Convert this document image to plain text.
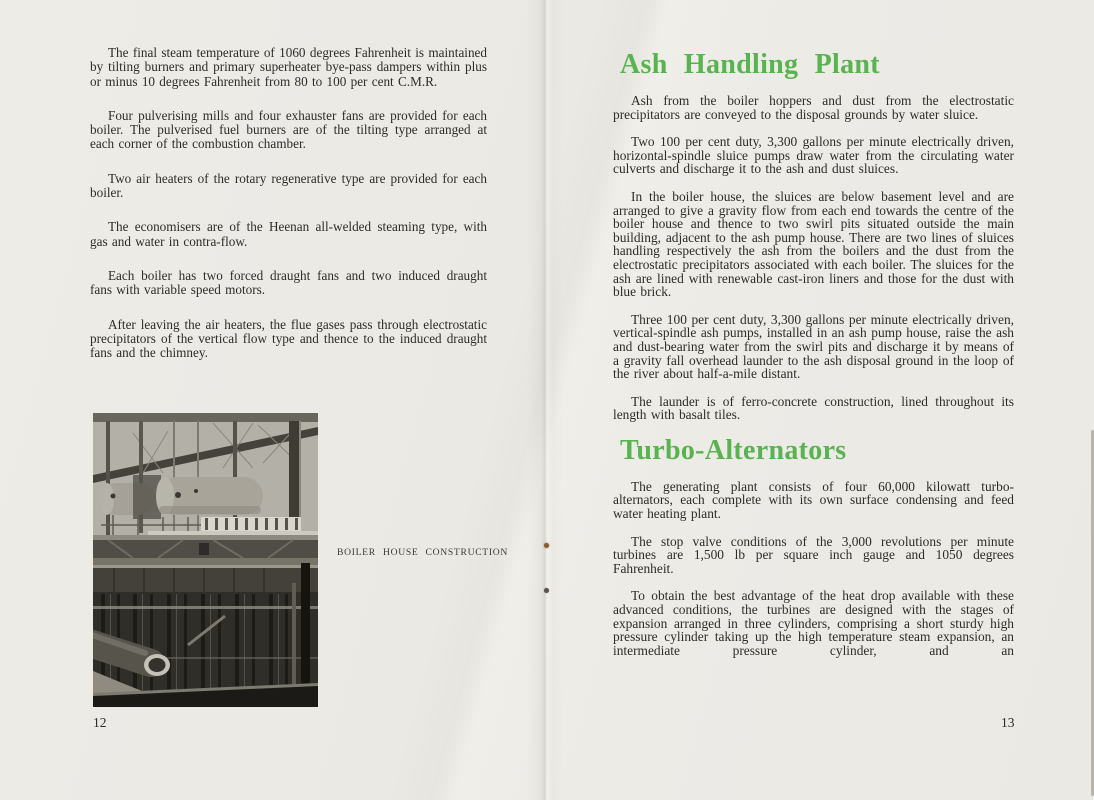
The final steam temperature of 1060 degrees Fahrenheit is maintained by tilting burners and primary superheater bye-pass dampers within plus or minus 10 degrees Fahrenheit from 80 to 100 per cent C.M.R.

Four pulverising mills and four exhauster fans are provided for each boiler. The pulverised fuel burners are of the tilting type arranged at each corner of the combustion chamber.

Two air heaters of the rotary regenerative type are provided for each boiler.

The economisers are of the Heenan all-welded steaming type, with gas and water in contra-flow.

Each boiler has two forced draught fans and two induced draught fans with variable speed motors.

After leaving the air heaters, the flue gases pass through electrostatic precipitators of the vertical flow type and thence to the induced draught fans and the chimney.

BOILER HOUSE CONSTRUCTION
12
Ash Handling Plant

Ash from the boiler hoppers and dust from the electrostatic precipitators are conveyed to the disposal grounds by water sluice.

Two 100 per cent duty, 3,300 gallons per minute electrically driven, horizontal-spindle sluice pumps draw water from the circulating water culverts and discharge it to the ash and dust sluices.

In the boiler house, the sluices are below basement level and are arranged to give a gravity flow from each end towards the centre of the boiler house and thence to two swirl pits situated outside the main building, adjacent to the ash pump house. There are two lines of sluices handling respectively the ash from the boilers and the dust from the electrostatic precipitators associated with each boiler. The sluices for the ash are lined with renewable cast-iron liners and those for the dust with blue brick.

Three 100 per cent duty, 3,300 gallons per minute electrically driven, vertical-spindle ash pumps, installed in an ash pump house, raise the ash and dust-bearing water from the swirl pits and discharge it by means of a gravity fall overhead launder to the ash disposal ground in the loop of the river about half-a-mile distant.

The launder is of ferro-concrete construction, lined throughout its length with basalt tiles.

Turbo-Alternators

The generating plant consists of four 60,000 kilowatt turbo-alternators, each complete with its own surface condensing and feed water heating plant.

The stop valve conditions of the 3,000 revolutions per minute turbines are 1,500 lb per square inch gauge and 1050 degrees Fahrenheit.

To obtain the best advantage of the heat drop available with these advanced conditions, the turbines are designed with the stages of expansion arranged in three cylinders, comprising a short sturdy high pressure cylinder taking up the high temperature steam expansion, an intermediate pressure cylinder, and an

13
